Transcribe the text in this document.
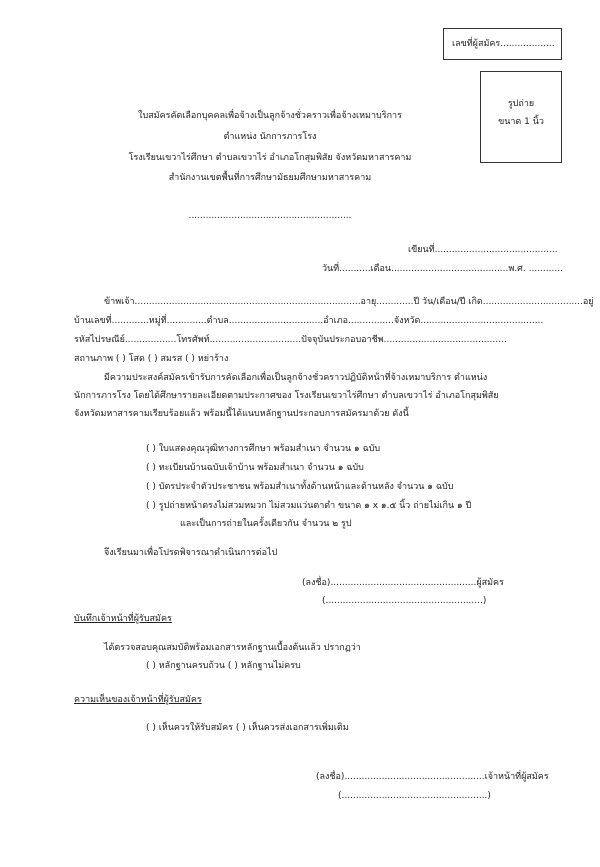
เลขที่ผู้สมัคร...................
รูปถ่าย
ขนาด 1 นิ้ว
ใบสมัครคัดเลือกบุคคลเพื่อจ้างเป็นลูกจ้างชั่วคราวเพื่อจ้างเหมาบริการ
ตำแหน่ง นักการภารโรง
โรงเรียนเขวาไร่ศึกษา ตำบลเขวาไร่ อำเภอโกสุมพิสัย จังหวัดมหาสารคาม
สำนักงานเขตพื้นที่การศึกษามัธยมศึกษามหาสารคาม
.........................................................
เขียนที่...........................................
วันที่...........เดือน.........................................พ.ศ. ............
ข้าพเจ้า...............................................................................อายุ.............ปี วัน/เดือน/ปี เกิด...................................อยู่
บ้านเลขที่.............หมู่ที่..............ตำบล.................................อำเภอ................จังหวัด...........................................
รหัสไปรษณีย์..................โทรศัพท์................................ปัจจุบันประกอบอาชีพ...........................................
สถานภาพ ( ) โสด ( ) สมรส ( ) หย่าร้าง
มีความประสงค์สมัครเข้ารับการคัดเลือกเพื่อเป็นลูกจ้างชั่วคราวปฏิบัติหน้าที่จ้างเหมาบริการ ตำแหน่ง
นักการภารโรง โดยได้ศึกษารายละเอียดตามประกาศของ โรงเรียนเขวาไร่ศึกษา ตำบลเขวาไร่ อำเภอโกสุมพิสัย
จังหวัดมหาสารคามเรียบร้อยแล้ว พร้อมนี้ได้แนบหลักฐานประกอบการสมัครมาด้วย ดังนี้
( ) ใบแสดงคุณวุฒิทางการศึกษา พร้อมสำเนา จำนวน ๑ ฉบับ
( ) ทะเบียนบ้านฉบับเจ้าบ้าน พร้อมสำเนา จำนวน ๑ ฉบับ
( ) บัตรประจำตัวประชาชน พร้อมสำเนาทั้งด้านหน้าและด้านหลัง จำนวน ๑ ฉบับ
( ) รูปถ่ายหน้าตรงไม่สวมหมวก ไม่สวมแว่นตาดำ ขนาด ๑ x ๑.๕ นิ้ว ถ่ายไม่เกิน ๑ ปี
และเป็นการถ่ายในครั้งเดียวกัน จำนวน ๒ รูป
จึงเรียนมาเพื่อโปรดพิจารณาดำเนินการต่อไป
(ลงชื่อ)...................................................ผู้สมัคร
(.......................................................)
บันทึกเจ้าหน้าที่ผู้รับสมัคร
ได้ตรวจสอบคุณสมบัติพร้อมเอกสารหลักฐานเบื้องต้นแล้ว ปรากฏว่า
( ) หลักฐานครบถ้วน ( ) หลักฐานไม่ครบ
ความเห็นของเจ้าหน้าที่ผู้รับสมัคร
( ) เห็นควรให้รับสมัคร ( ) เห็นควรส่งเอกสารเพิ่มเติม
(ลงชื่อ).................................................เจ้าหน้าที่ผู้สมัคร
(...................................................)
